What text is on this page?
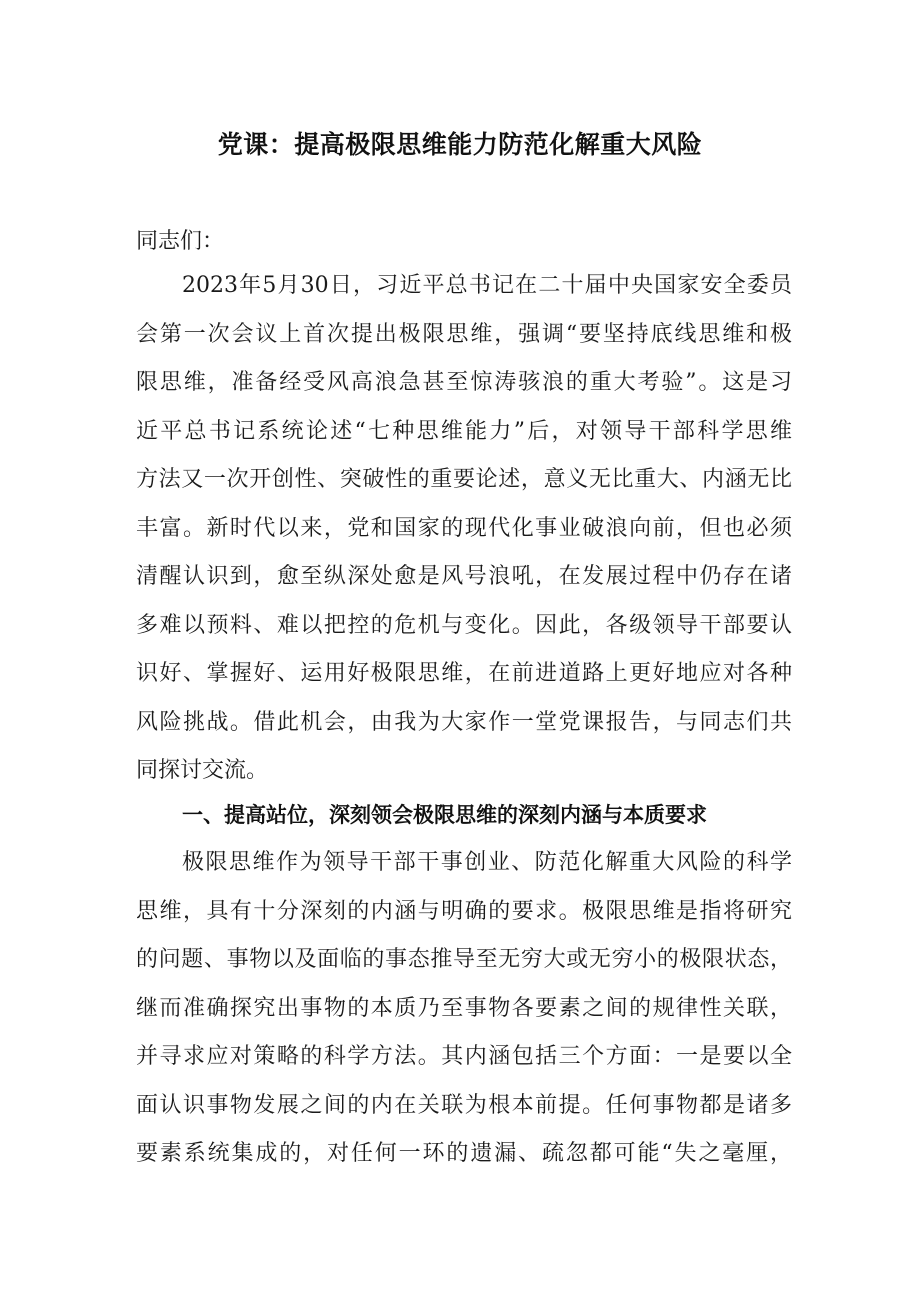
党课：提高极限思维能力防范化解重大风险
同志们：
2023年5月30日，习近平总书记在二十届中央国家安全委员
会第一次会议上首次提出极限思维，强调“要坚持底线思维和极
限思维，准备经受风高浪急甚至惊涛骇浪的重大考验”。这是习
近平总书记系统论述“七种思维能力”后，对领导干部科学思维
方法又一次开创性、突破性的重要论述，意义无比重大、内涵无比
丰富。新时代以来，党和国家的现代化事业破浪向前，但也必须
清醒认识到，愈至纵深处愈是风号浪吼，在发展过程中仍存在诸
多难以预料、难以把控的危机与变化。因此，各级领导干部要认
识好、掌握好、运用好极限思维，在前进道路上更好地应对各种
风险挑战。借此机会，由我为大家作一堂党课报告，与同志们共
同探讨交流。
一、提高站位，深刻领会极限思维的深刻内涵与本质要求
极限思维作为领导干部干事创业、防范化解重大风险的科学
思维，具有十分深刻的内涵与明确的要求。极限思维是指将研究
的问题、事物以及面临的事态推导至无穷大或无穷小的极限状态，
继而准确探究出事物的本质乃至事物各要素之间的规律性关联，
并寻求应对策略的科学方法。其内涵包括三个方面：一是要以全
面认识事物发展之间的内在关联为根本前提。任何事物都是诸多
要素系统集成的，对任何一环的遗漏、疏忽都可能“失之毫厘，
